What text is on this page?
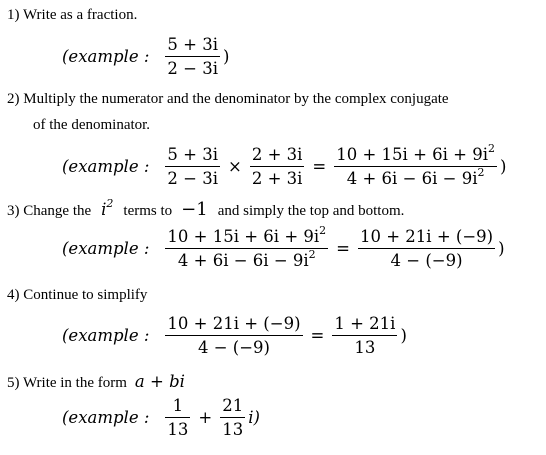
1) Write as a fraction.
(example : $\frac{5 + 3i}{2 - 3i}$ )
2) Multiply the numerator and the denominator by the complex conjugate
of the denominator.
(example : $\frac{5 + 3i}{2 - 3i} \times \frac{2 + 3i}{2 + 3i} = \frac{10 + 15i + 6i + 9i^2}{4 + 6i - 6i - 9i^2}$ )
3) Change the $i^2$ terms to −1 and simply the top and bottom.
(example : $\frac{10 + 15i + 6i + 9i^2}{4 + 6i - 6i - 9i^2} = \frac{10 + 21i + (-9)}{4 - (-9)}$ )
4) Continue to simplify
(example : $\frac{10 + 21i + (-9)}{4 - (-9)} = \frac{1 + 21i}{13}$ )
5) Write in the form a + bi
(example : $\frac{1}{13} + \frac{21}{13} i$)
